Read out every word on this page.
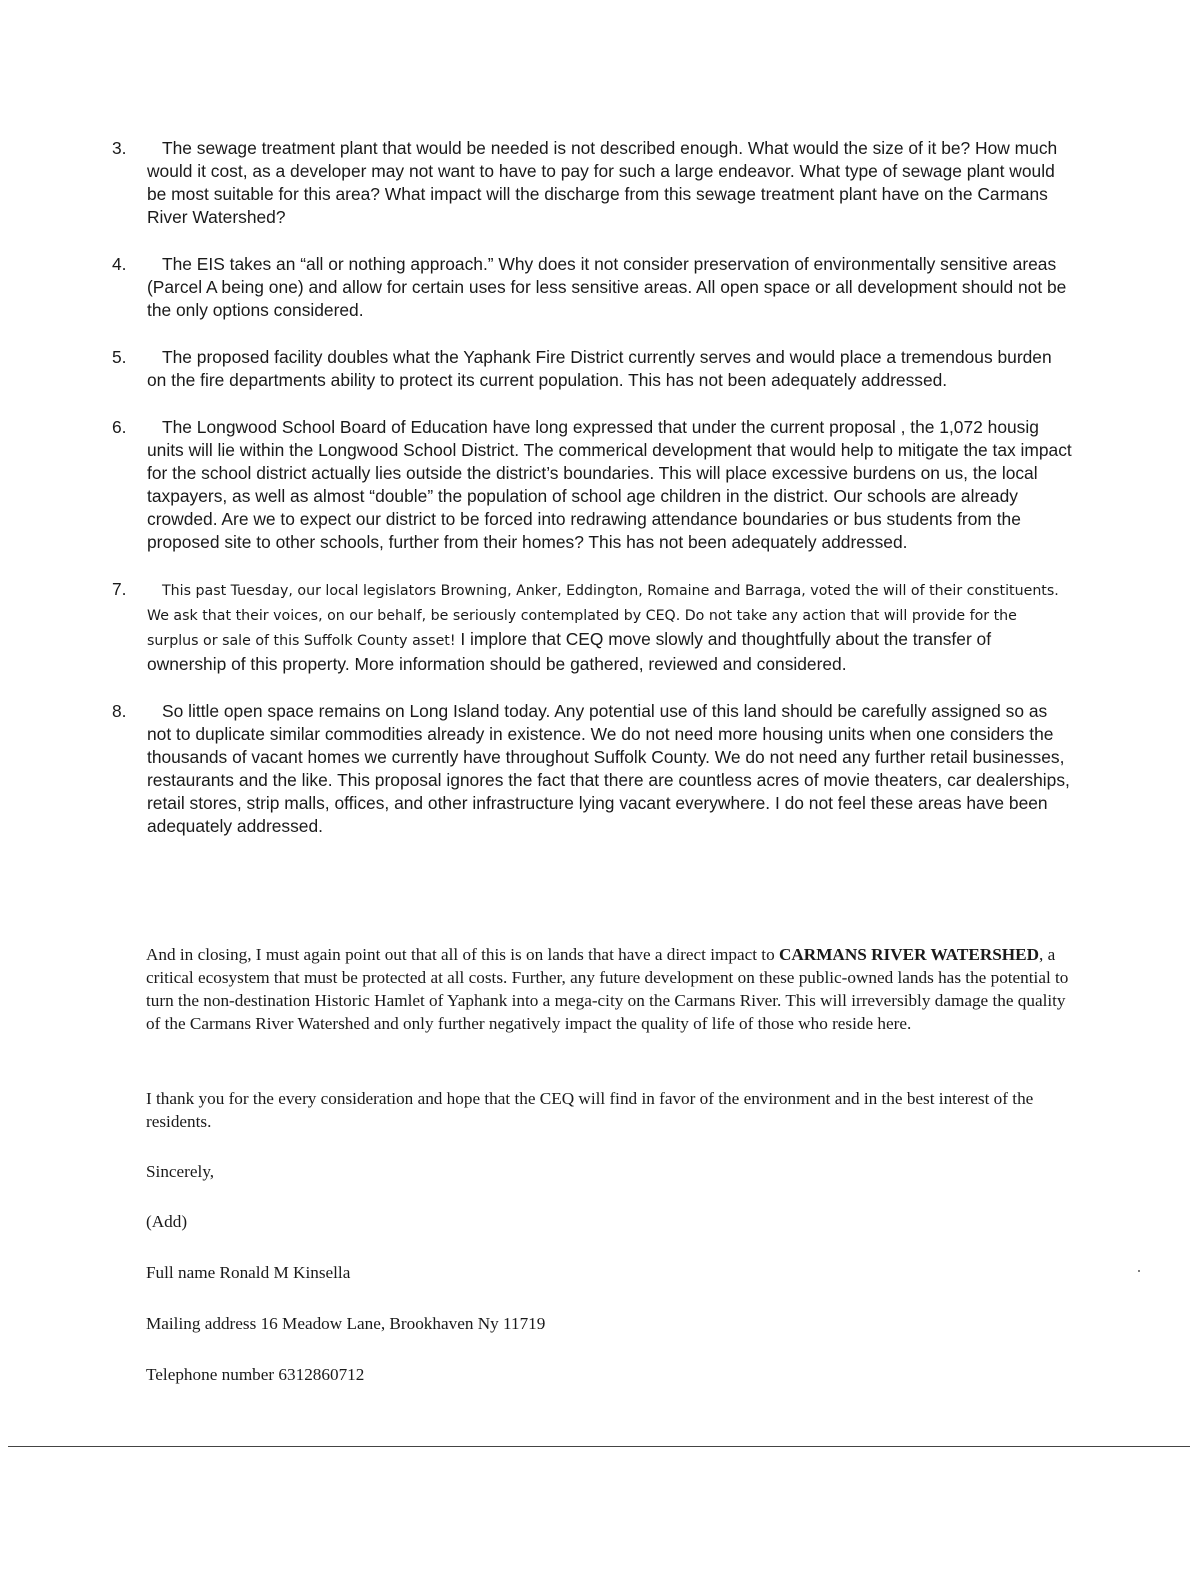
3.	The sewage treatment plant that would be needed is not described enough. What would the size of it be? How much would it cost, as a developer may not want to have to pay for such a large endeavor. What type of sewage plant would be most suitable for this area? What impact will the discharge from this sewage treatment plant have on the Carmans River Watershed?
4.	The EIS takes an “all or nothing approach.” Why does it not consider preservation of environmentally sensitive areas (Parcel A being one) and allow for certain uses for less sensitive areas. All open space or all development should not be the only options considered.
5.	The proposed facility doubles what the Yaphank Fire District currently serves and would place a tremendous burden on the fire departments ability to protect its current population. This has not been adequately addressed.
6.	The Longwood School Board of Education have long expressed that under the current proposal , the 1,072 housig units will lie within the Longwood School District. The commerical development that would help to mitigate the tax impact for the school district actually lies outside the district’s boundaries. This will place excessive burdens on us, the local taxpayers, as well as almost “double” the population of school age children in the district. Our schools are already crowded. Are we to expect our district to be forced into redrawing attendance boundaries or bus students from the proposed site to other schools, further from their homes? This has not been adequately addressed.
7.	This past Tuesday, our local legislators Browning, Anker, Eddington, Romaine and Barraga, voted the will of their constituents. We ask that their voices, on our behalf, be seriously contemplated by CEQ. Do not take any action that will provide for the surplus or sale of this Suffolk County asset! I implore that CEQ move slowly and thoughtfully about the transfer of ownership of this property. More information should be gathered, reviewed and considered.
8.	So little open space remains on Long Island today. Any potential use of this land should be carefully assigned so as not to duplicate similar commodities already in existence. We do not need more housing units when one considers the thousands of vacant homes we currently have throughout Suffolk County. We do not need any further retail businesses, restaurants and the like. This proposal ignores the fact that there are countless acres of movie theaters, car dealerships, retail stores, strip malls, offices, and other infrastructure lying vacant everywhere. I do not feel these areas have been adequately addressed.

And in closing, I must again point out that all of this is on lands that have a direct impact to CARMANS RIVER WATERSHED, a critical ecosystem that must be protected at all costs. Further, any future development on these public-owned lands has the potential to turn the non-destination Historic Hamlet of Yaphank into a mega-city on the Carmans River. This will irreversibly damage the quality of the Carmans River Watershed and only further negatively impact the quality of life of those who reside here.

I thank you for the every consideration and hope that the CEQ will find in favor of the environment and in the best interest of the residents.

Sincerely,

(Add)

Full name Ronald M Kinsella

Mailing address 16 Meadow Lane, Brookhaven Ny 11719

Telephone number 6312860712
